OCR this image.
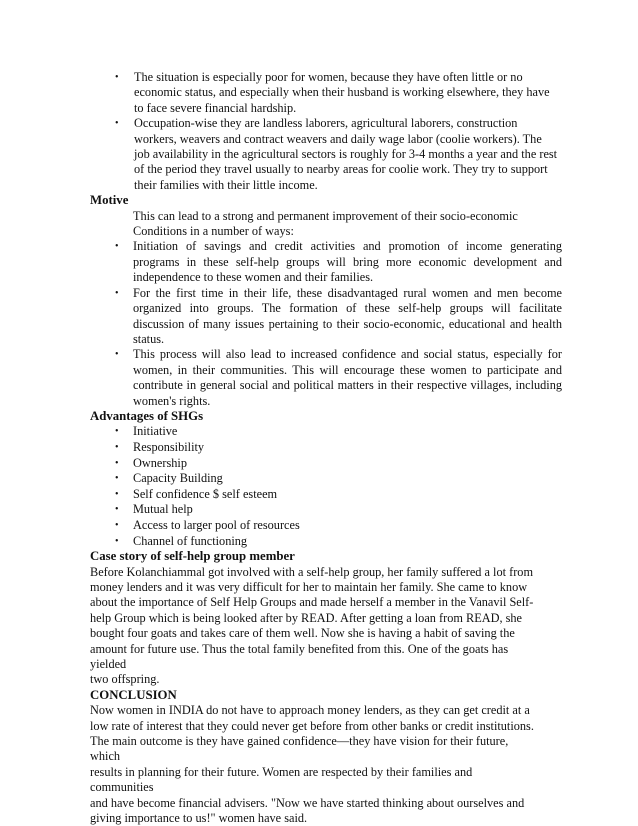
• The situation is especially poor for women, because they have often little or no economic status, and especially when their husband is working elsewhere, they have to face severe financial hardship.
• Occupation-wise they are landless laborers, agricultural laborers, construction workers, weavers and contract weavers and daily wage labor (coolie workers). The job availability in the agricultural sectors is roughly for 3-4 months a year and the rest of the period they travel usually to nearby areas for coolie work. They try to support their families with their little income.
Motive
This can lead to a strong and permanent improvement of their socio-economic
Conditions in a number of ways:
• Initiation of savings and credit activities and promotion of income generating programs in these self-help groups will bring more economic development and independence to these women and their families.
• For the first time in their life, these disadvantaged rural women and men become organized into groups. The formation of these self-help groups will facilitate discussion of many issues pertaining to their socio-economic, educational and health status.
• This process will also lead to increased confidence and social status, especially for women, in their communities. This will encourage these women to participate and contribute in general social and political matters in their respective villages, including women's rights.
Advantages of SHGs
• Initiative
• Responsibility
• Ownership
• Capacity Building
• Self confidence $ self esteem
• Mutual help
• Access to larger pool of resources
• Channel of functioning
Case story of self-help group member
Before Kolanchiammal got involved with a self-help group, her family suffered a lot from
money lenders and it was very difficult for her to maintain her family. She came to know
about the importance of Self Help Groups and made herself a member in the Vanavil Self-
help Group which is being looked after by READ. After getting a loan from READ, she
bought four goats and takes care of them well. Now she is having a habit of saving the
amount for future use. Thus the total family benefited from this. One of the goats has yielded
two offspring.
CONCLUSION
Now women in INDIA do not have to approach money lenders, as they can get credit at a
low rate of interest that they could never get before from other banks or credit institutions.
The main outcome is they have gained confidence—they have vision for their future, which
results in planning for their future. Women are respected by their families and communities
and have become financial advisers. "Now we have started thinking about ourselves and
giving importance to us!" women have said.
